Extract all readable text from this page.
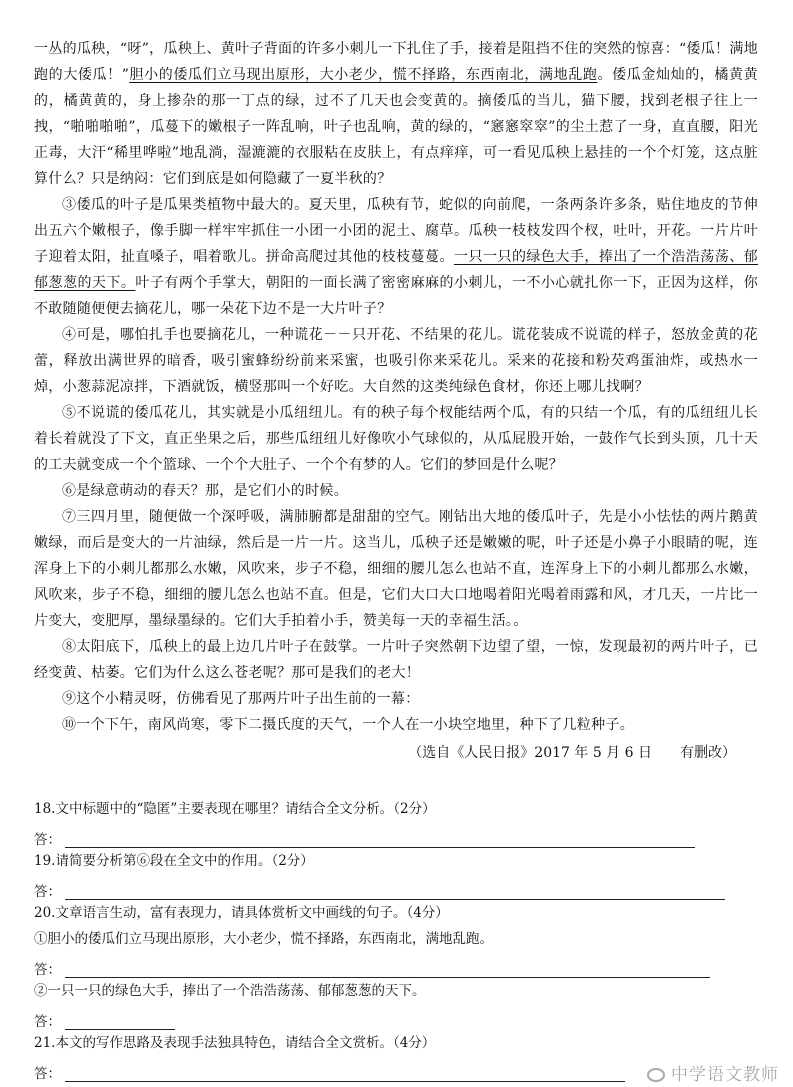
一丛的瓜秧，“呀”，瓜秧上、黄叶子背面的许多小刺儿一下扎住了手，接着是阻挡不住的突然的惊喜：“倭瓜！满地跑的大倭瓜！”胆小的倭瓜们立马现出原形，大小老少，慌不择路，东西南北，满地乱跑。倭瓜金灿灿的，橘黄黄的，橘黄黄的，身上掺杂的那一丁点的绿，过不了几天也会变黄的。摘倭瓜的当儿，猫下腰，找到老根子往上一拽，“啪啪啪啪”，瓜蔓下的嫩根子一阵乱响，叶子也乱响，黄的绿的，“窸窸窣窣”的尘土惹了一身，直直腰，阳光正毒，大汗“稀里哗啦”地乱淌，湿漉漉的衣服粘在皮肤上，有点痒痒，可一看见瓜秧上悬挂的一个个灯笼，这点脏算什么？只是纳闷：它们到底是如何隐藏了一夏半秋的？

③倭瓜的叶子是瓜果类植物中最大的。夏天里，瓜秧有节，蛇似的向前爬，一条两条许多条，贴住地皮的节伸出五六个嫩根子，像手脚一样牢牢抓住一小团一小团的泥土、腐草。瓜秧一枝枝发四个杈，吐叶，开花。一片片叶子迎着太阳，扯直嗓子，唱着歌儿。拼命高爬过其他的枝枝蔓蔓。一只一只的绿色大手，捧出了一个浩浩荡荡、郁郁葱葱的天下。叶子有两个手掌大，朝阳的一面长满了密密麻麻的小刺儿，一不小心就扎你一下，正因为这样，你不敢随随便便去摘花儿，哪一朵花下边不是一大片叶子？

④可是，哪怕扎手也要摘花儿，一种谎花－－只开花、不结果的花儿。谎花装成不说谎的样子，怒放金黄的花蕾，释放出满世界的暗香，吸引蜜蜂纷纷前来采蜜，也吸引你来采花儿。采来的花接和粉芡鸡蛋油炸，或热水一焯，小葱蒜泥凉拌，下酒就饭，横竖那叫一个好吃。大自然的这类纯绿色食材，你还上哪儿找啊？

⑤不说谎的倭瓜花儿，其实就是小瓜纽纽儿。有的秧子每个杈能结两个瓜，有的只结一个瓜，有的瓜纽纽儿长着长着就没了下文，直正坐果之后，那些瓜纽纽儿好像吹小气球似的，从瓜屁股开始，一鼓作气长到头顶，几十天的工夫就变成一个个篮球、一个个大肚子、一个个有梦的人。它们的梦回是什么呢？

⑥是绿意萌动的春天？那，是它们小的时候。

⑦三四月里，随便做一个深呼吸，满肺腑都是甜甜的空气。刚钻出大地的倭瓜叶子，先是小小怯怯的两片鹅黄嫩绿，而后是变大的一片油绿，然后是一片一片。这当儿，瓜秧子还是嫩嫩的呢，叶子还是小鼻子小眼睛的呢，连浑身上下的小刺儿都那么水嫩，风吹来，步子不稳，细细的腰儿怎么也站不直，连浑身上下的小刺儿都那么水嫩，风吹来，步子不稳，细细的腰儿怎么也站不直。但是，它们大口大口地喝着阳光喝着雨露和风，才几天，一片比一片变大，变肥厚，墨绿墨绿的。它们大手拍着小手，赞美每一天的幸福生活。。

⑧太阳底下，瓜秧上的最上边几片叶子在鼓掌。一片叶子突然朝下边望了望，一惊，发现最初的两片叶子，已经变黄、枯萎。它们为什么这么苍老呢？那可是我们的老大！

⑨这个小精灵呀，仿佛看见了那两片叶子出生前的一幕：

⑩一个下午，南风尚寒，零下二摄氏度的天气，一个人在一小块空地里，种下了几粒种子。

（选自《人民日报》2017 年 5 月 6 日　　有删改）

18.文中标题中的“隐匿”主要表现在哪里？请结合全文分析。（2分）

答：

19.请简要分析第⑥段在全文中的作用。（2分）

答：

20.文章语言生动，富有表现力，请具体赏析文中画线的句子。（4分）

①胆小的倭瓜们立马现出原形，大小老少，慌不择路，东西南北，满地乱跑。

答：

②一只一只的绿色大手，捧出了一个浩浩荡荡、郁郁葱葱的天下。

答：

21.本文的写作思路及表现手法独具特色，请结合全文赏析。（4分）

答：	中学语文教师
